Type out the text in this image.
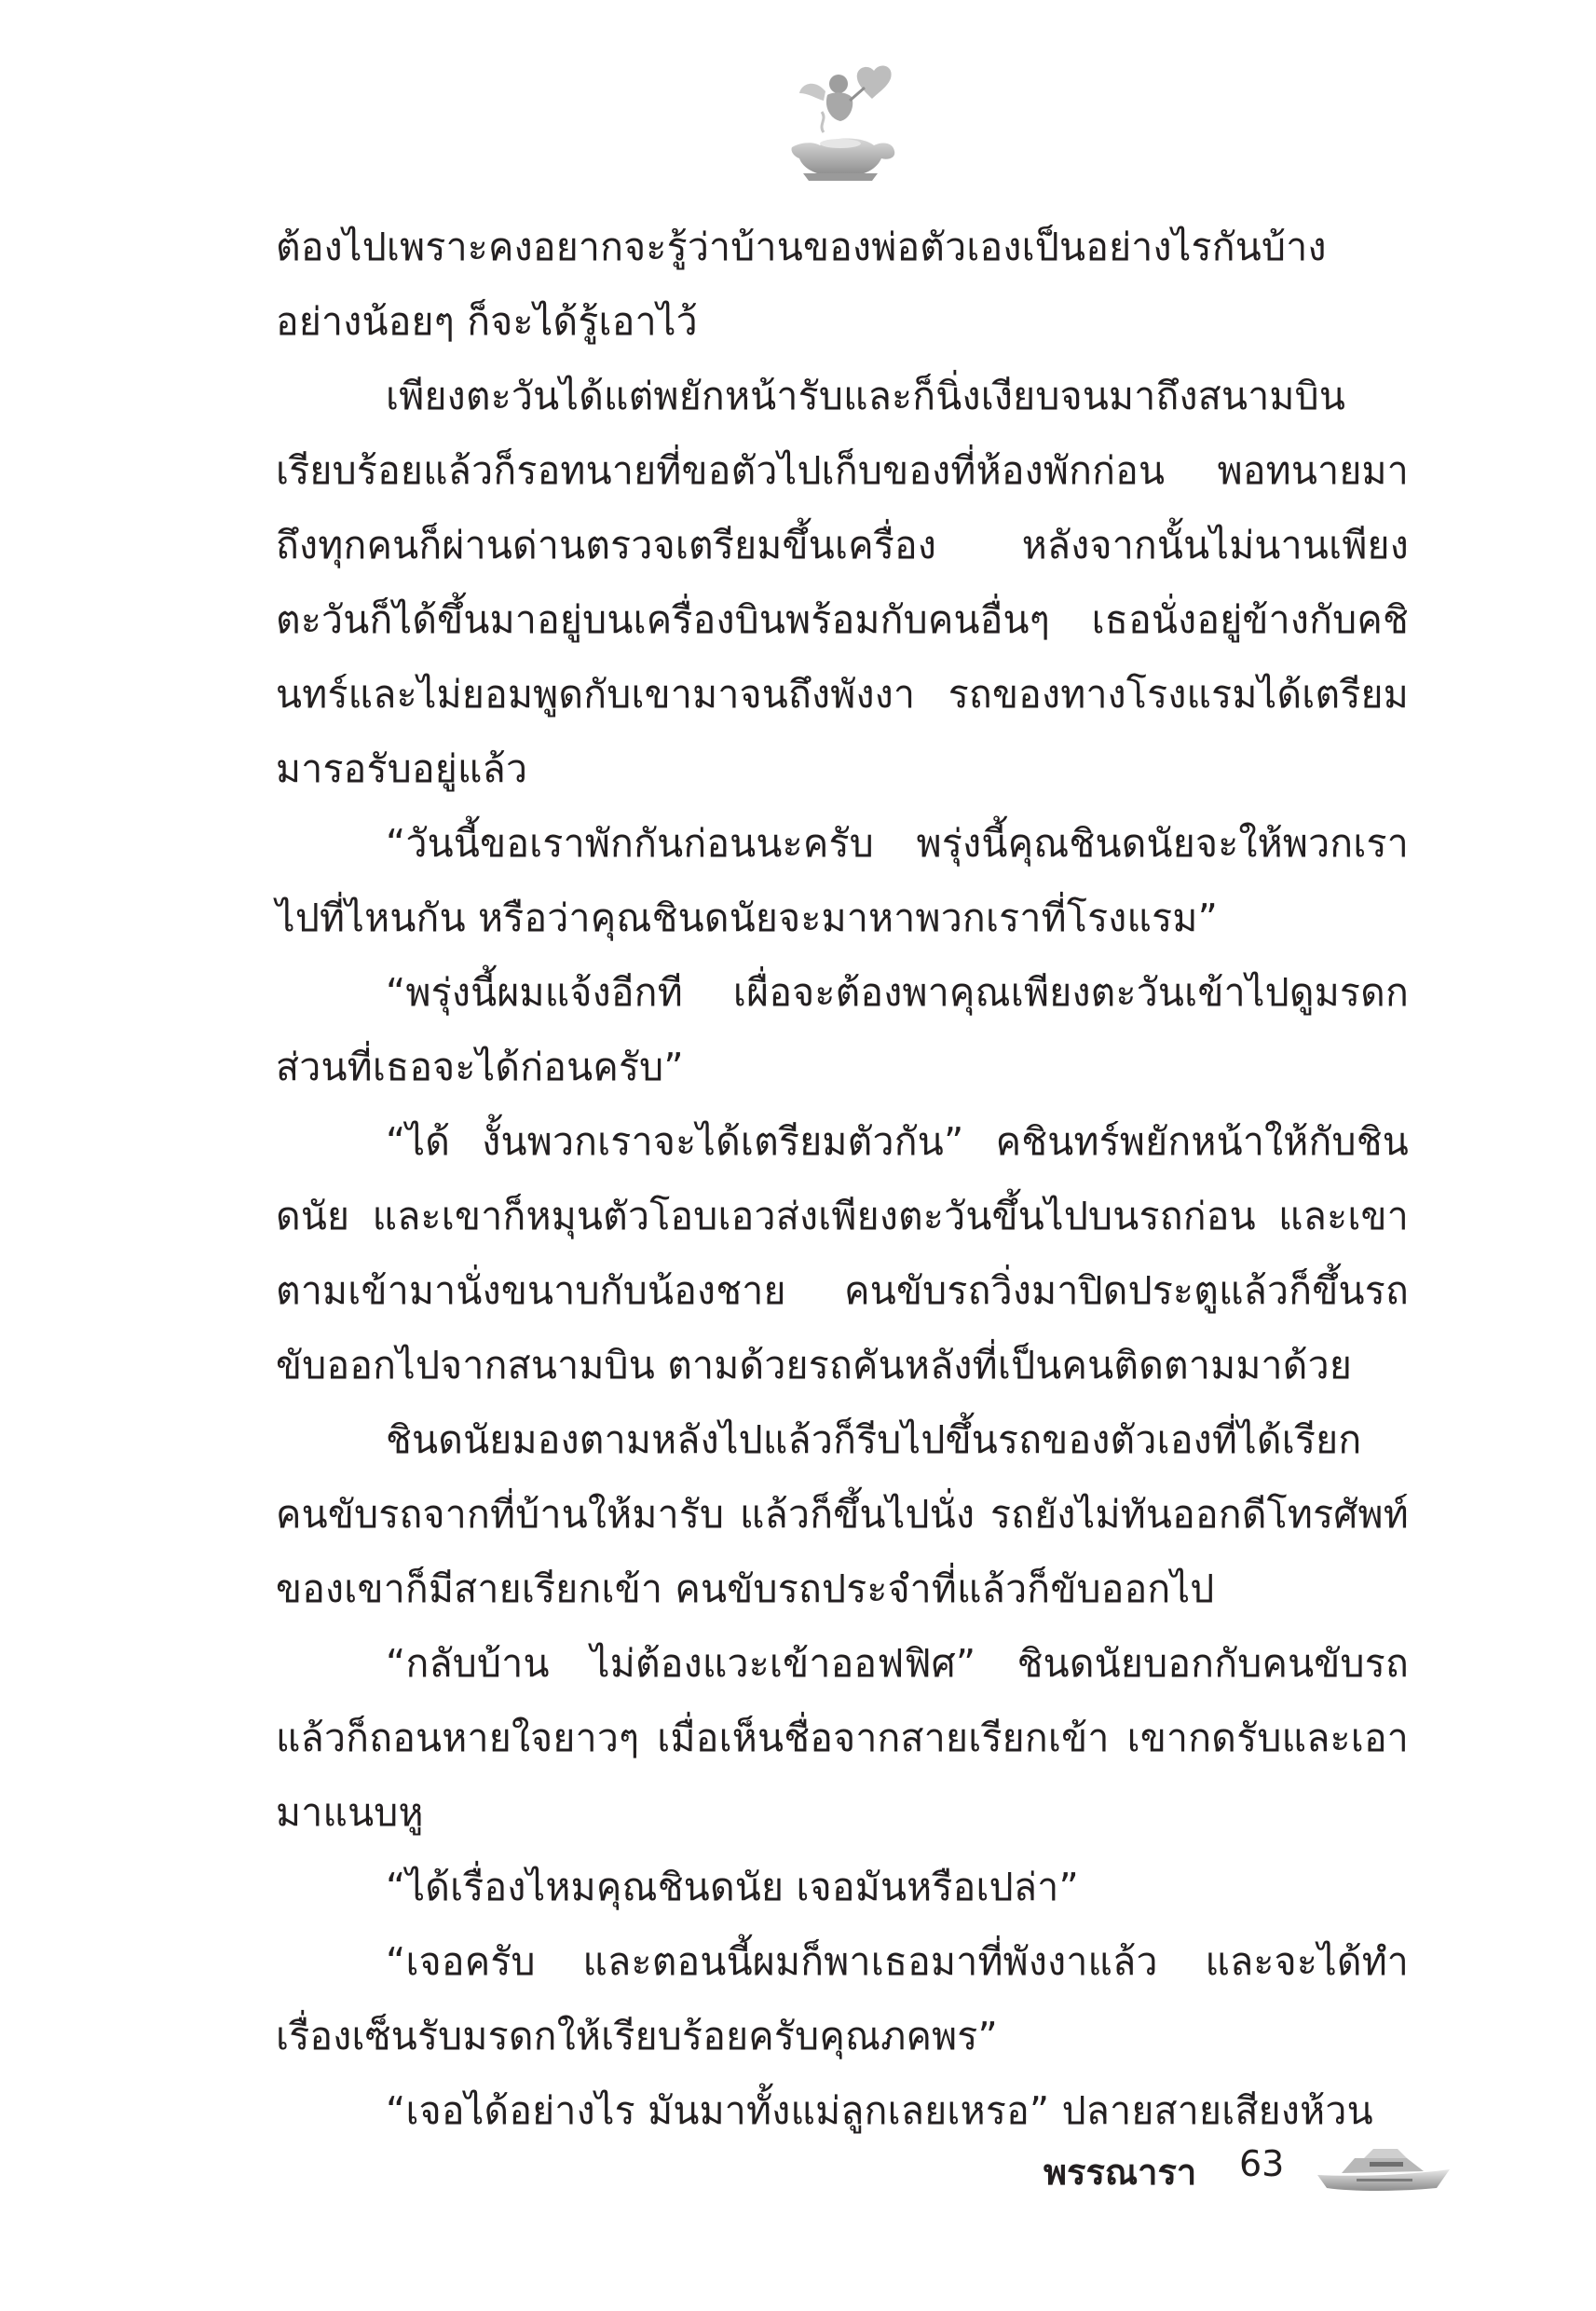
ต้องไปเพราะคงอยากจะรู้ว่าบ้านของพ่อตัวเองเป็นอย่างไรกันบ้าง อย่างน้อยๆ ก็จะได้รู้เอาไว้

เพียงตะวันได้แต่พยักหน้ารับและก็นิ่งเงียบจนมาถึงสนามบินเรียบร้อยแล้วก็รอทนายที่ขอตัวไปเก็บของที่ห้องพักก่อน พอทนายมาถึงทุกคนก็ผ่านด่านตรวจเตรียมขึ้นเครื่อง หลังจากนั้นไม่นานเพียงตะวันก็ได้ขึ้นมาอยู่บนเครื่องบินพร้อมกับคนอื่นๆ เธอนั่งอยู่ข้างกับคชินทร์และไม่ยอมพูดกับเขามาจนถึงพังงา รถของทางโรงแรมได้เตรียมมารอรับอยู่แล้ว

“วันนี้ขอเราพักกันก่อนนะครับ พรุ่งนี้คุณชินดนัยจะให้พวกเราไปที่ไหนกัน หรือว่าคุณชินดนัยจะมาหาพวกเราที่โรงแรม”

“พรุ่งนี้ผมแจ้งอีกที เผื่อจะต้องพาคุณเพียงตะวันเข้าไปดูมรดกส่วนที่เธอจะได้ก่อนครับ”

“ได้ งั้นพวกเราจะได้เตรียมตัวกัน” คชินทร์พยักหน้าให้กับชินดนัย และเขาก็หมุนตัวโอบเอวส่งเพียงตะวันขึ้นไปบนรถก่อน และเขาตามเข้ามานั่งขนาบกับน้องชาย คนขับรถวิ่งมาปิดประตูแล้วก็ขึ้นรถขับออกไปจากสนามบิน ตามด้วยรถคันหลังที่เป็นคนติดตามมาด้วย

ชินดนัยมองตามหลังไปแล้วก็รีบไปขึ้นรถของตัวเองที่ได้เรียกคนขับรถจากที่บ้านให้มารับ แล้วก็ขึ้นไปนั่ง รถยังไม่ทันออกดีโทรศัพท์ของเขาก็มีสายเรียกเข้า คนขับรถประจำที่แล้วก็ขับออกไป

“กลับบ้าน ไม่ต้องแวะเข้าออฟฟิศ” ชินดนัยบอกกับคนขับรถแล้วก็ถอนหายใจยาวๆ เมื่อเห็นชื่อจากสายเรียกเข้า เขากดรับและเอามาแนบหู

“ได้เรื่องไหมคุณชินดนัย เจอมันหรือเปล่า”

“เจอครับ และตอนนี้ผมก็พาเธอมาที่พังงาแล้ว และจะได้ทำเรื่องเซ็นรับมรดกให้เรียบร้อยครับคุณภคพร”

“เจอได้อย่างไร มันมาทั้งแม่ลูกเลยเหรอ” ปลายสายเสียงห้วน

พรรณารา 63
